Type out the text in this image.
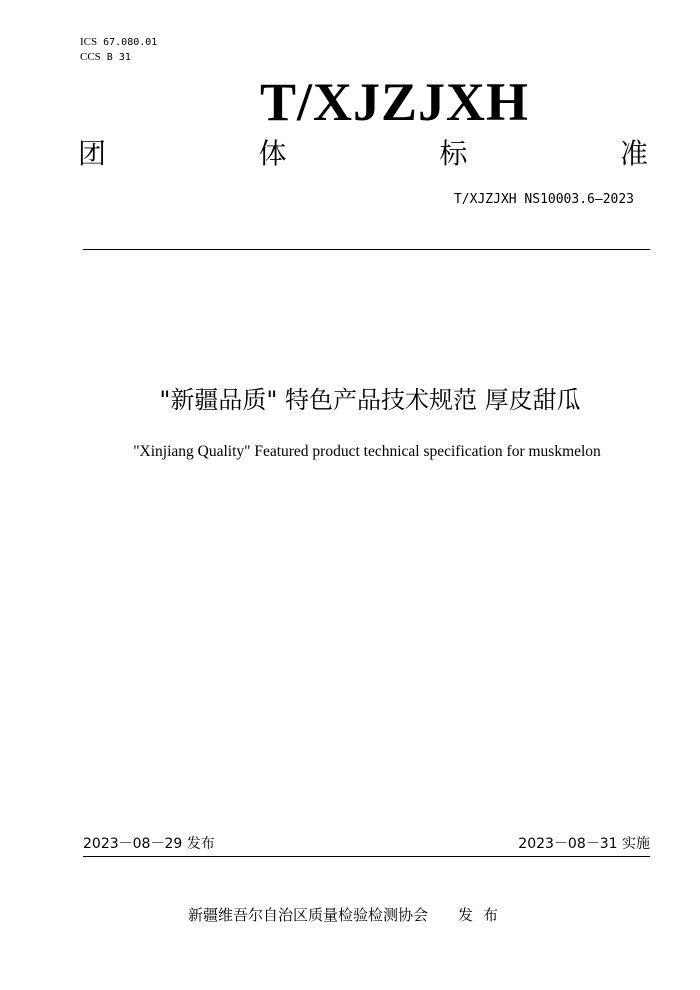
ICS 67.080.01
CCS B 31
T/XJZJXH
团	体	标	准
T/XJZJXH NS10003.6—2023
"新疆品质" 特色产品技术规范 厚皮甜瓜
"Xinjiang Quality" Featured product technical specification for muskmelon
2023－08－29 发布	2023－08－31 实施
新疆维吾尔自治区质量检验检测协会 发布
